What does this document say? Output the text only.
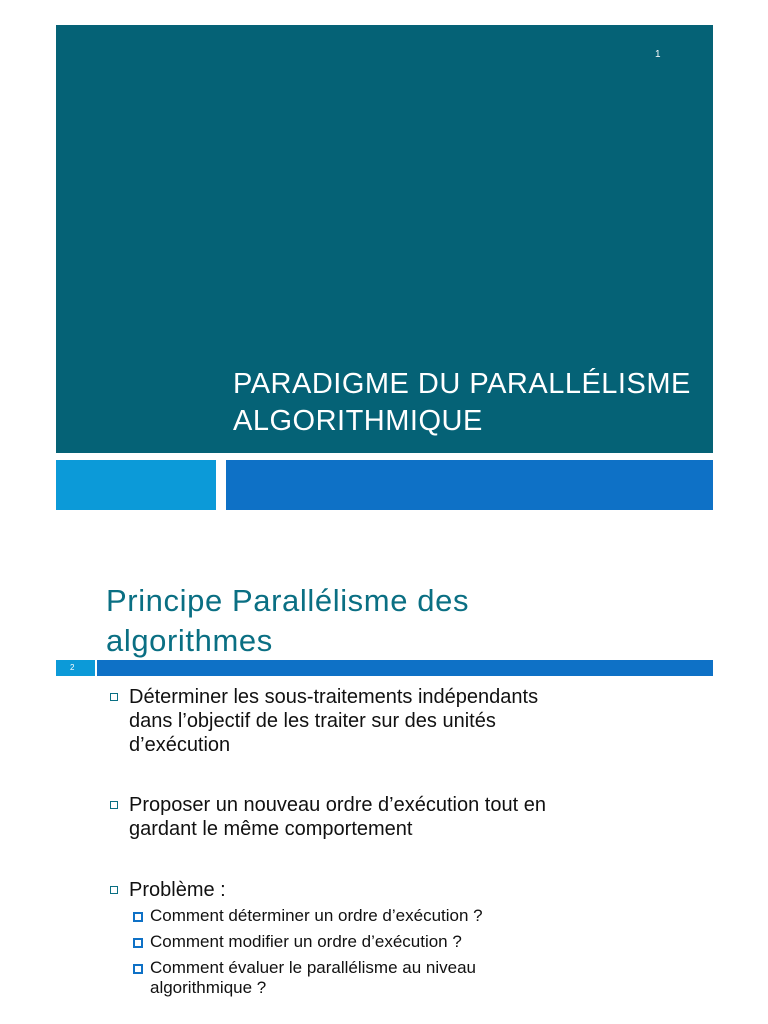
1
PARADIGME DU PARALLÉLISME
ALGORITHMIQUE
Principe Parallélisme des
algorithmes
2
Déterminer les sous-traitements indépendants
dans l’objectif de les traiter sur des unités
d’exécution
Proposer un nouveau ordre d’exécution tout en
gardant le même comportement
Problème :
Comment déterminer un ordre d’exécution ?
Comment modifier un ordre d’exécution ?
Comment évaluer le parallélisme au niveau
algorithmique ?
